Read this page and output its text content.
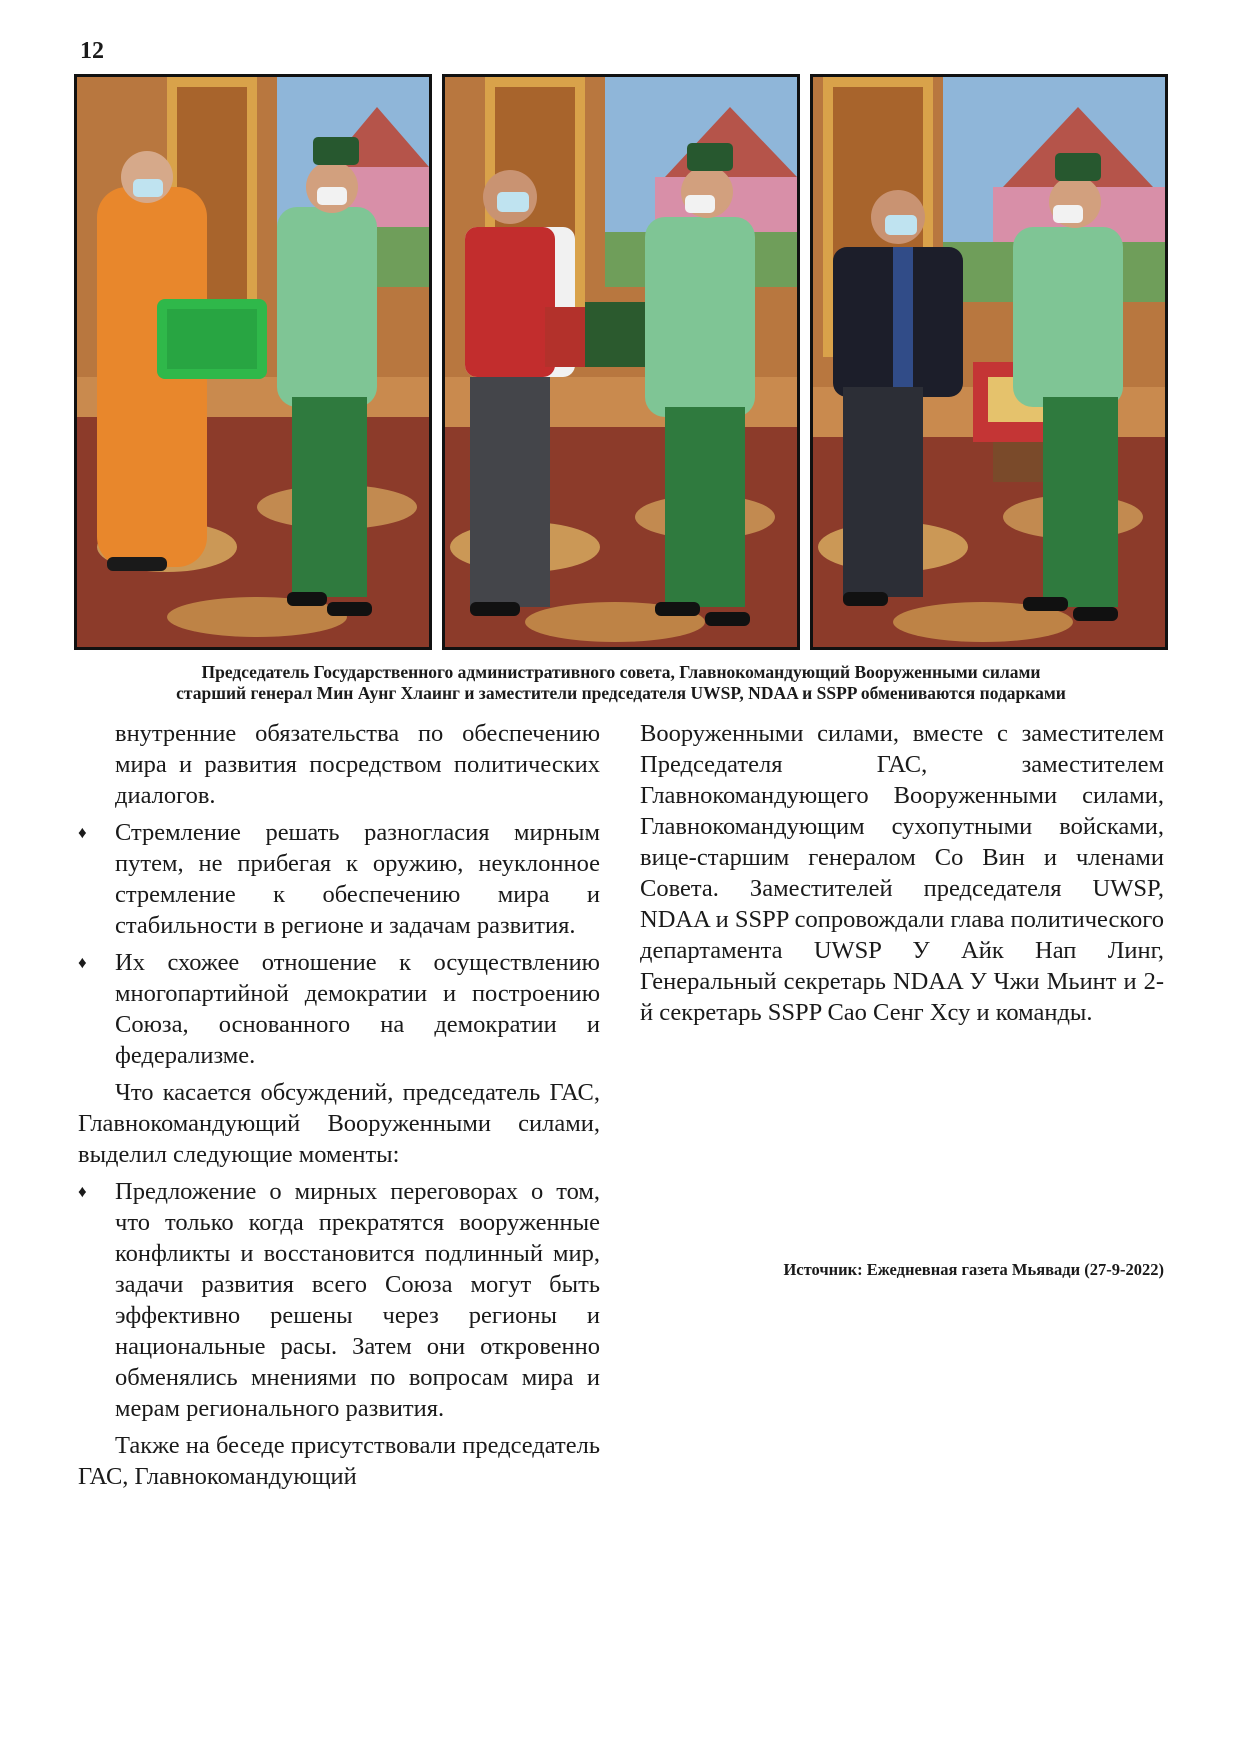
12
Председатель Государственного административного совета, Главнокомандующий Вооруженными силами
старший генерал Мин Аунг Хлаинг и заместители председателя UWSP, NDAA и SSPP обмениваются подарками

внутренние обязательства по обеспечению мира и развития посредством политических диалогов.

♦ Стремление решать разногласия мирным путем, не прибегая к оружию, неуклонное стремление к обеспечению мира и стабильности в регионе и задачам развития.

♦ Их схожее отношение к осуществлению многопартийной демократии и построению Союза, основанного на демократии и федерализме.

Что касается обсуждений, председатель ГАС, Главнокомандующий Вооруженными силами, выделил следующие моменты:

♦ Предложение о мирных переговорах о том, что только когда прекратятся вооруженные конфликты и восстановится подлинный мир, задачи развития всего Союза могут быть эффективно решены через регионы и национальные расы. Затем они откровенно обменялись мнениями по вопросам мира и мерам регионального развития.

Также на беседе присутствовали председатель ГАС, Главнокомандующий

Вооруженными силами, вместе с заместителем Председателя ГАС, заместителем Главнокомандующего Вооруженными силами, Главнокомандующим сухопутными войсками, вице-старшим генералом Со Вин и членами Совета. Заместителей председателя UWSP, NDAA и SSPP сопровождали глава политического департамента UWSP У Айк Нап Линг, Генеральный секретарь NDAA У Чжи Мьинт и 2-й секретарь SSPP Сао Сенг Хсу и команды.

Источник: Ежедневная газета Мьявади (27-9-2022)
